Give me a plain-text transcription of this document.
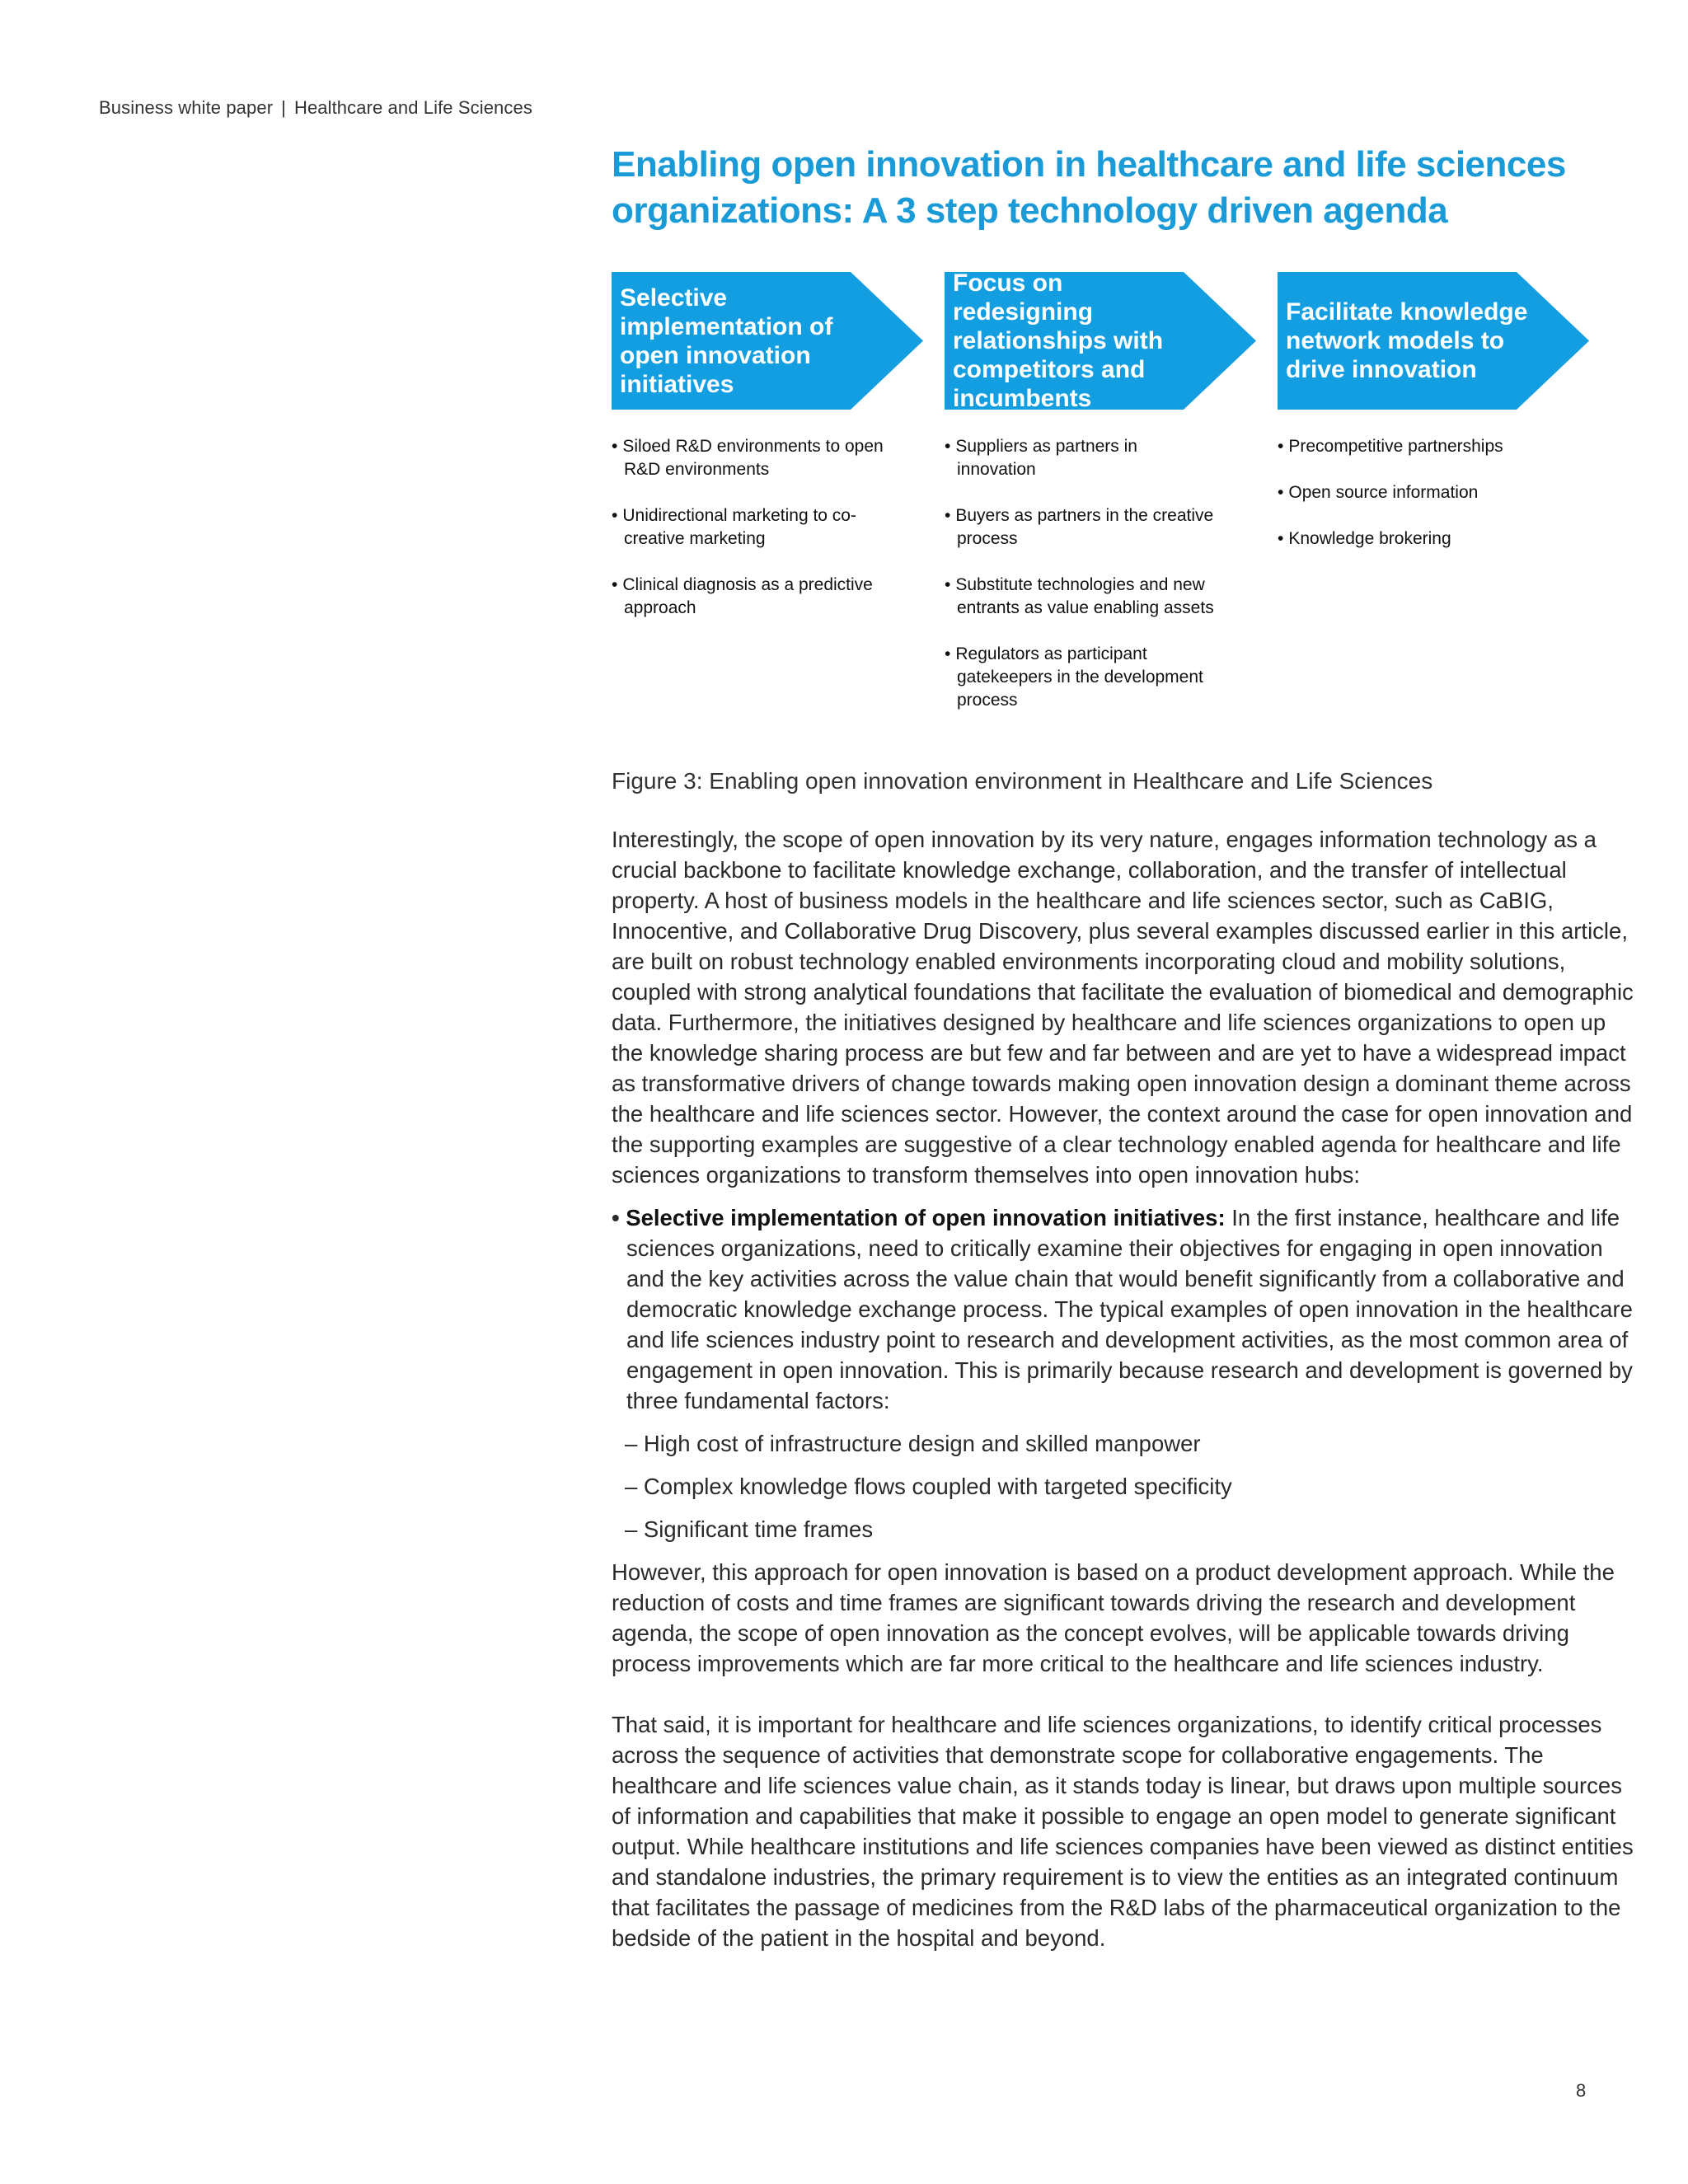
Business white paper | Healthcare and Life Sciences
Enabling open innovation in healthcare and life sciences organizations: A 3 step technology driven agenda
Selective implementation of open innovation initiatives
Focus on redesigning relationships with competitors and incumbents
Facilitate knowledge network models to drive innovation
• Siloed R&D environments to open R&D environments
• Unidirectional marketing to co-creative marketing
• Clinical diagnosis as a predictive approach
• Suppliers as partners in innovation
• Buyers as partners in the creative process
• Substitute technologies and new entrants as value enabling assets
• Regulators as participant gatekeepers in the development process
• Precompetitive partnerships
• Open source information
• Knowledge brokering
Figure 3: Enabling open innovation environment in Healthcare and Life Sciences

Interestingly, the scope of open innovation by its very nature, engages information technology as a crucial backbone to facilitate knowledge exchange, collaboration, and the transfer of intellectual property. A host of business models in the healthcare and life sciences sector, such as CaBIG, Innocentive, and Collaborative Drug Discovery, plus several examples discussed earlier in this article, are built on robust technology enabled environments incorporating cloud and mobility solutions, coupled with strong analytical foundations that facilitate the evaluation of biomedical and demographic data. Furthermore, the initiatives designed by healthcare and life sciences organizations to open up the knowledge sharing process are but few and far between and are yet to have a widespread impact as transformative drivers of change towards making open innovation design a dominant theme across the healthcare and life sciences sector. However, the context around the case for open innovation and the supporting examples are suggestive of a clear technology enabled agenda for healthcare and life sciences organizations to transform themselves into open innovation hubs:

• Selective implementation of open innovation initiatives: In the first instance, healthcare and life sciences organizations, need to critically examine their objectives for engaging in open innovation and the key activities across the value chain that would benefit significantly from a collaborative and democratic knowledge exchange process. The typical examples of open innovation in the healthcare and life sciences industry point to research and development activities, as the most common area of engagement in open innovation. This is primarily because research and development is governed by three fundamental factors:
– High cost of infrastructure design and skilled manpower
– Complex knowledge flows coupled with targeted specificity
– Significant time frames

However, this approach for open innovation is based on a product development approach. While the reduction of costs and time frames are significant towards driving the research and development agenda, the scope of open innovation as the concept evolves, will be applicable towards driving process improvements which are far more critical to the healthcare and life sciences industry.

That said, it is important for healthcare and life sciences organizations, to identify critical processes across the sequence of activities that demonstrate scope for collaborative engagements. The healthcare and life sciences value chain, as it stands today is linear, but draws upon multiple sources of information and capabilities that make it possible to engage an open model to generate significant output. While healthcare institutions and life sciences companies have been viewed as distinct entities and standalone industries, the primary requirement is to view the entities as an integrated continuum that facilitates the passage of medicines from the R&D labs of the pharmaceutical organization to the bedside of the patient in the hospital and beyond.

8
